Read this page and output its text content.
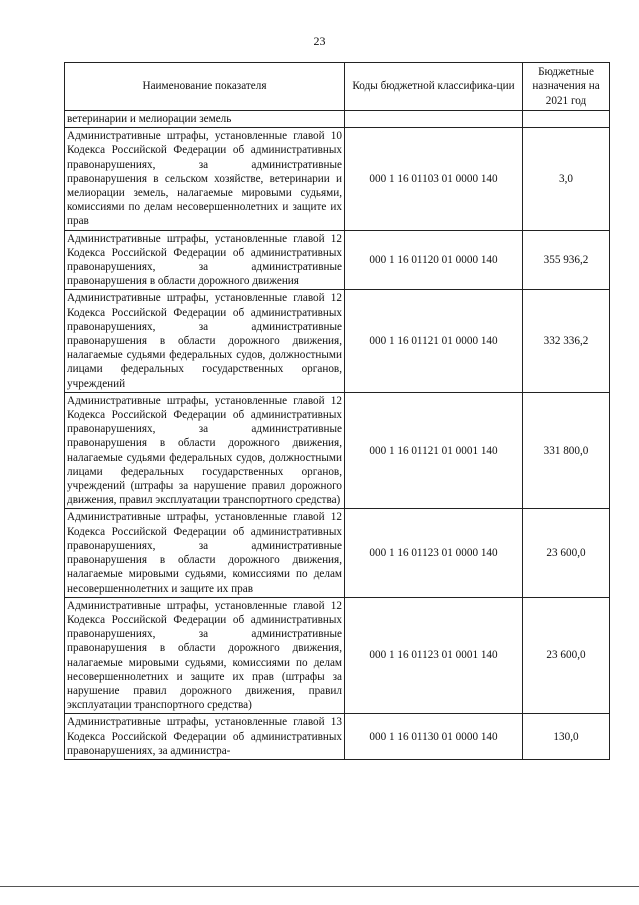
23
Наименование показателя	Коды бюджетной классифика-ции	Бюджетные назначения на 2021 год
ветеринарии и мелиорации земель		
Административные штрафы, установленные главой 10 Кодекса Российской Федерации об административных правонарушениях, за административные правонарушения в сельском хозяйстве, ветеринарии и мелиорации земель, налагаемые мировыми судьями, комиссиями по делам несовершеннолетних и защите их прав	000 1 16 01103 01 0000 140	3,0
Административные штрафы, установленные главой 12 Кодекса Российской Федерации об административных правонарушениях, за административные правонарушения в области дорожного движения	000 1 16 01120 01 0000 140	355 936,2
Административные штрафы, установленные главой 12 Кодекса Российской Федерации об административных правонарушениях, за административные правонарушения в области дорожного движения, налагаемые судьями федеральных судов, должностными лицами федеральных государственных органов, учреждений	000 1 16 01121 01 0000 140	332 336,2
Административные штрафы, установленные главой 12 Кодекса Российской Федерации об административных правонарушениях, за административные правонарушения в области дорожного движения, налагаемые судьями федеральных судов, должностными лицами федеральных государственных органов, учреждений (штрафы за нарушение правил дорожного движения, правил эксплуатации транспортного средства)	000 1 16 01121 01 0001 140	331 800,0
Административные штрафы, установленные главой 12 Кодекса Российской Федерации об административных правонарушениях, за административные правонарушения в области дорожного движения, налагаемые мировыми судьями, комиссиями по делам несовершеннолетних и защите их прав	000 1 16 01123 01 0000 140	23 600,0
Административные штрафы, установленные главой 12 Кодекса Российской Федерации об административных правонарушениях, за административные правонарушения в области дорожного движения, налагаемые мировыми судьями, комиссиями по делам несовершеннолетних и защите их прав (штрафы за нарушение правил дорожного движения, правил эксплуатации транспортного средства)	000 1 16 01123 01 0001 140	23 600,0
Административные штрафы, установленные главой 13 Кодекса Российской Федерации об административных правонарушениях, за администра-	000 1 16 01130 01 0000 140	130,0
